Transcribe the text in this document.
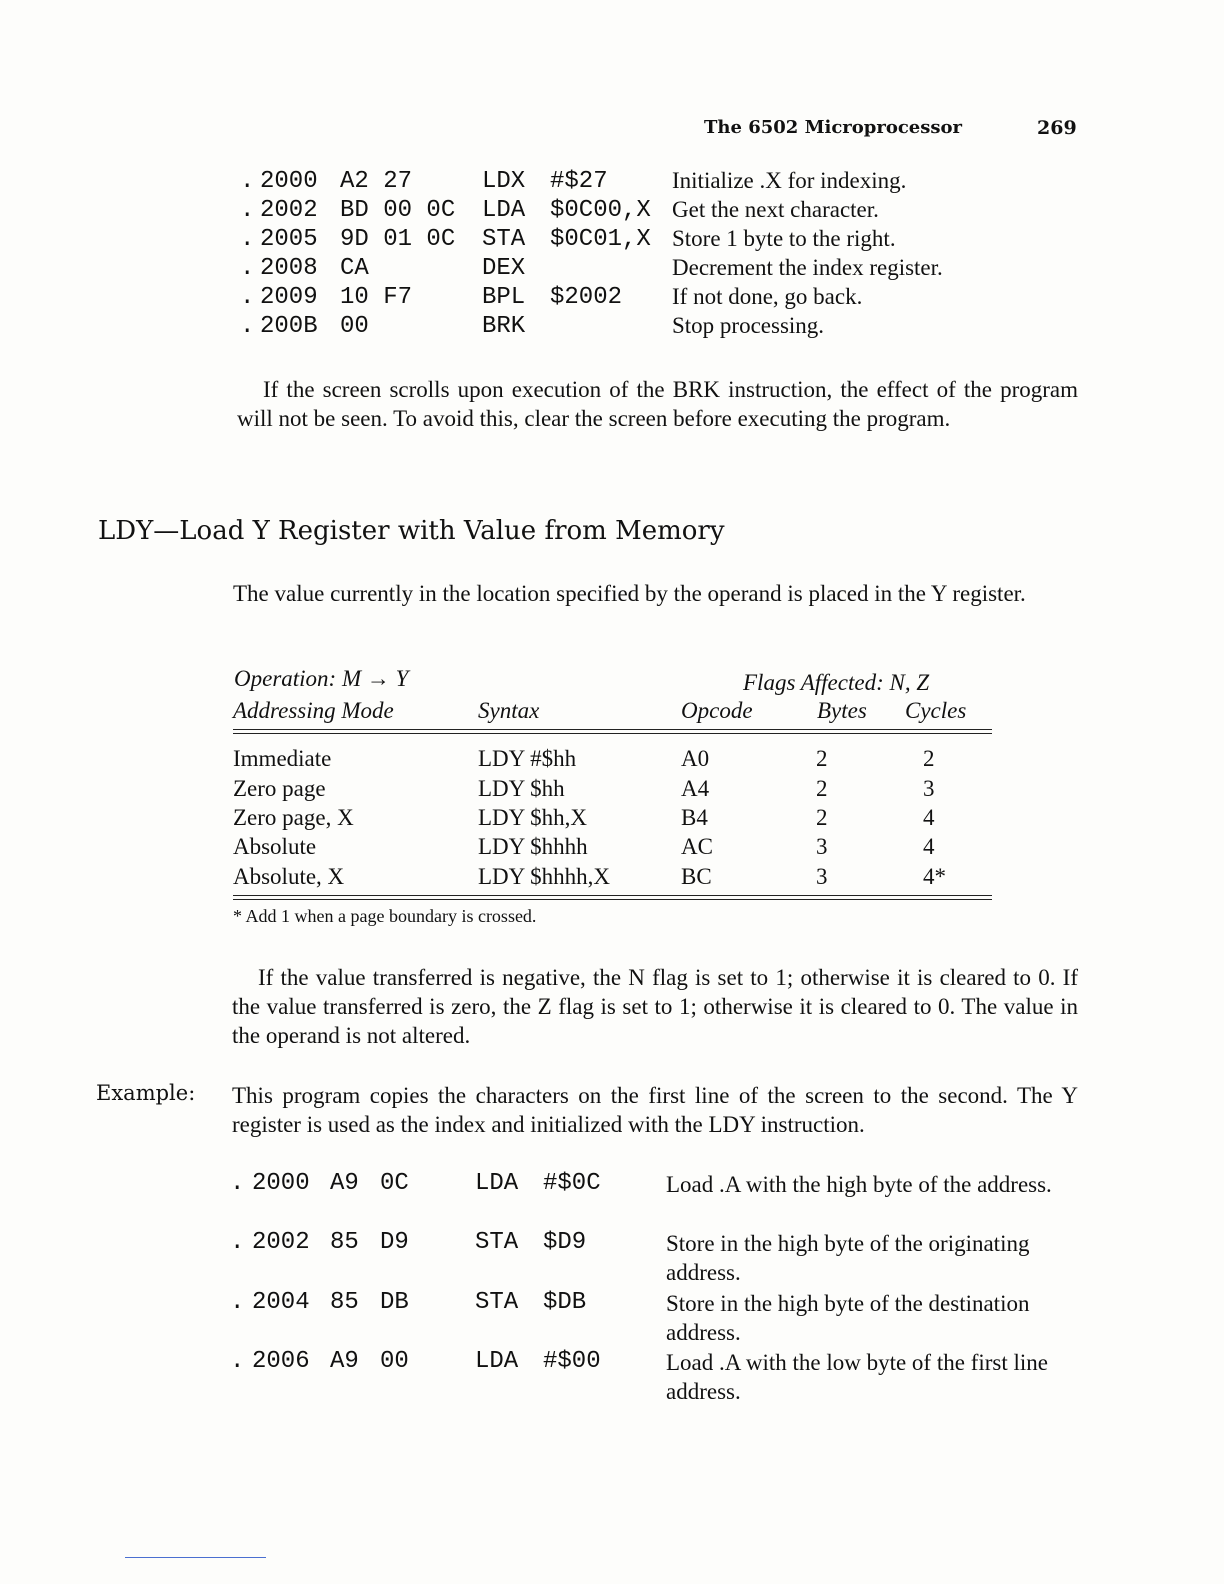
The 6502 Microprocessor	269
. 2000 A2 27	LDX #$27	Initialize .X for indexing.
. 2002 BD 00 0C LDA $0C00,X Get the next character.
. 2005 9D 01 0C STA $0C01,X Store 1 byte to the right.
. 2008 CA	DEX	Decrement the index register.
. 2009 10 F7	BPL $2002 If not done, go back.
. 200B 00	BRK	Stop processing.
If the screen scrolls upon execution of the BRK instruction, the effect of the program will not be seen. To avoid this, clear the screen before executing the program.
LDY—Load Y Register with Value from Memory
The value currently in the location specified by the operand is placed in the Y register.
Operation: M → Y	Flags Affected: N, Z
Addressing Mode	Syntax	Opcode	Bytes Cycles
Immediate	LDY #$hh	A0	2	2
Zero page	LDY $hh	A4	2	3
Zero page, X	LDY $hh,X	B4	2	4
Absolute	LDY $hhhh	AC	3	4
Absolute, X	LDY $hhhh,X	BC	3	4*
* Add 1 when a page boundary is crossed.
If the value transferred is negative, the N flag is set to 1; otherwise it is cleared to 0. If the value transferred is zero, the Z flag is set to 1; otherwise it is cleared to 0. The value in the operand is not altered.
Example: This program copies the characters on the first line of the screen to the second. The Y register is used as the index and initialized with the LDY instruction.
. 2000 A9 0C	LDA #$0C	Load .A with the high byte of the address.
. 2002 85 D9	STA $D9	Store in the high byte of the originating address.
. 2004 85 DB	STA $DB	Store in the high byte of the destination address.
. 2006 A9 00	LDA #$00	Load .A with the low byte of the first line address.
